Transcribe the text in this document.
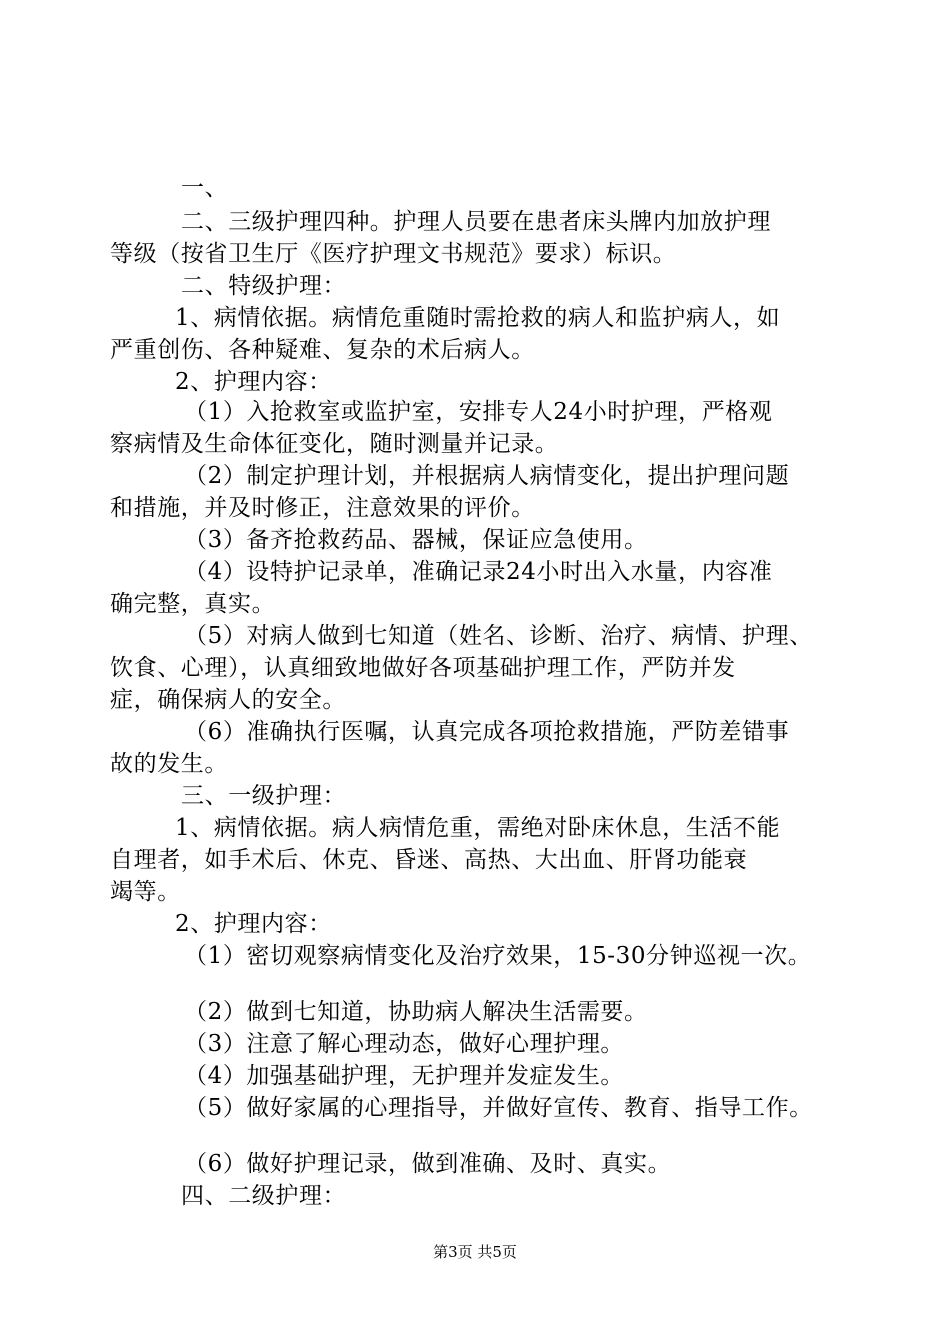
一、
二、三级护理四种。护理人员要在患者床头牌内加放护理
等级（按省卫生厅《医疗护理文书规范》要求）标识。
二、特级护理：
1、病情依据。病情危重随时需抢救的病人和监护病人，如
严重创伤、各种疑难、复杂的术后病人。
2、护理内容：
（1）入抢救室或监护室，安排专人24小时护理，严格观
察病情及生命体征变化，随时测量并记录。
（2）制定护理计划，并根据病人病情变化，提出护理问题
和措施，并及时修正，注意效果的评价。
（3）备齐抢救药品、器械，保证应急使用。
（4）设特护记录单，准确记录24小时出入水量，内容准
确完整，真实。
（5）对病人做到七知道（姓名、诊断、治疗、病情、护理、
饮食、心理），认真细致地做好各项基础护理工作，严防并发
症，确保病人的安全。
（6）准确执行医嘱，认真完成各项抢救措施，严防差错事
故的发生。
三、一级护理：
1、病情依据。病人病情危重，需绝对卧床休息，生活不能
自理者，如手术后、休克、昏迷、高热、大出血、肝肾功能衰
竭等。
2、护理内容：
（1）密切观察病情变化及治疗效果，15-30分钟巡视一次。
（2）做到七知道，协助病人解决生活需要。
（3）注意了解心理动态，做好心理护理。
（4）加强基础护理，无护理并发症发生。
（5）做好家属的心理指导，并做好宣传、教育、指导工作。
（6）做好护理记录，做到准确、及时、真实。
四、二级护理：
第3页 共5页
